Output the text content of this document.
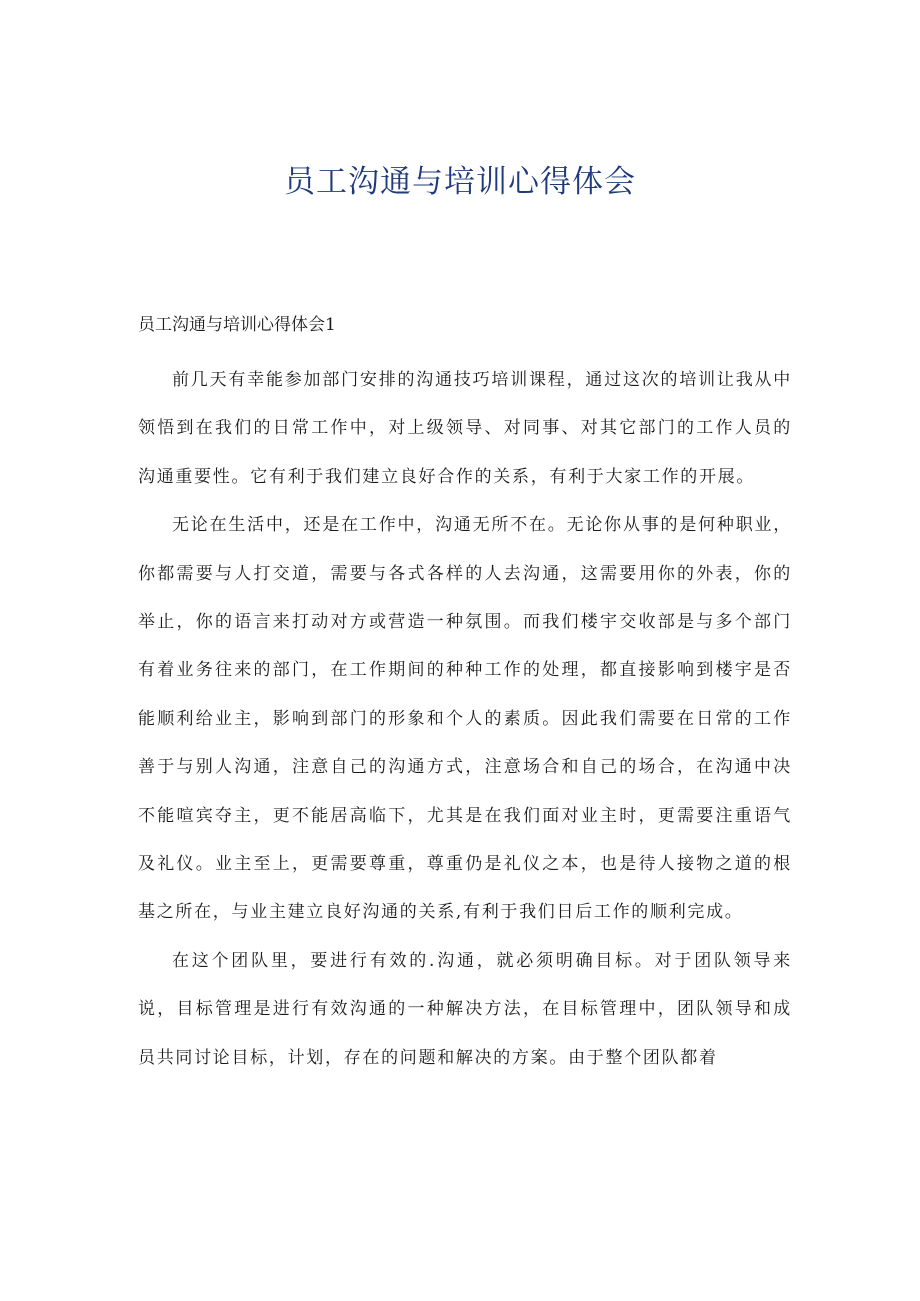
员工沟通与培训心得体会

员工沟通与培训心得体会1

前几天有幸能参加部门安排的沟通技巧培训课程，通过这次的培训让我从中领悟到在我们的日常工作中，对上级领导、对同事、对其它部门的工作人员的沟通重要性。它有利于我们建立良好合作的关系，有利于大家工作的开展。

无论在生活中，还是在工作中，沟通无所不在。无论你从事的是何种职业，你都需要与人打交道，需要与各式各样的人去沟通，这需要用你的外表，你的举止，你的语言来打动对方或营造一种氛围。而我们楼宇交收部是与多个部门有着业务往来的部门，在工作期间的种种工作的处理，都直接影响到楼宇是否能顺利给业主，影响到部门的形象和个人的素质。因此我们需要在日常的工作善于与别人沟通，注意自己的沟通方式，注意场合和自己的场合，在沟通中决不能喧宾夺主，更不能居高临下，尤其是在我们面对业主时，更需要注重语气及礼仪。业主至上，更需要尊重，尊重仍是礼仪之本，也是待人接物之道的根基之所在，与业主建立良好沟通的关系,有利于我们日后工作的顺利完成。

在这个团队里，要进行有效的.沟通，就必须明确目标。对于团队领导来说，目标管理是进行有效沟通的一种解决方法，在目标管理中，团队领导和成员共同讨论目标，计划，存在的问题和解决的方案。由于整个团队都着
